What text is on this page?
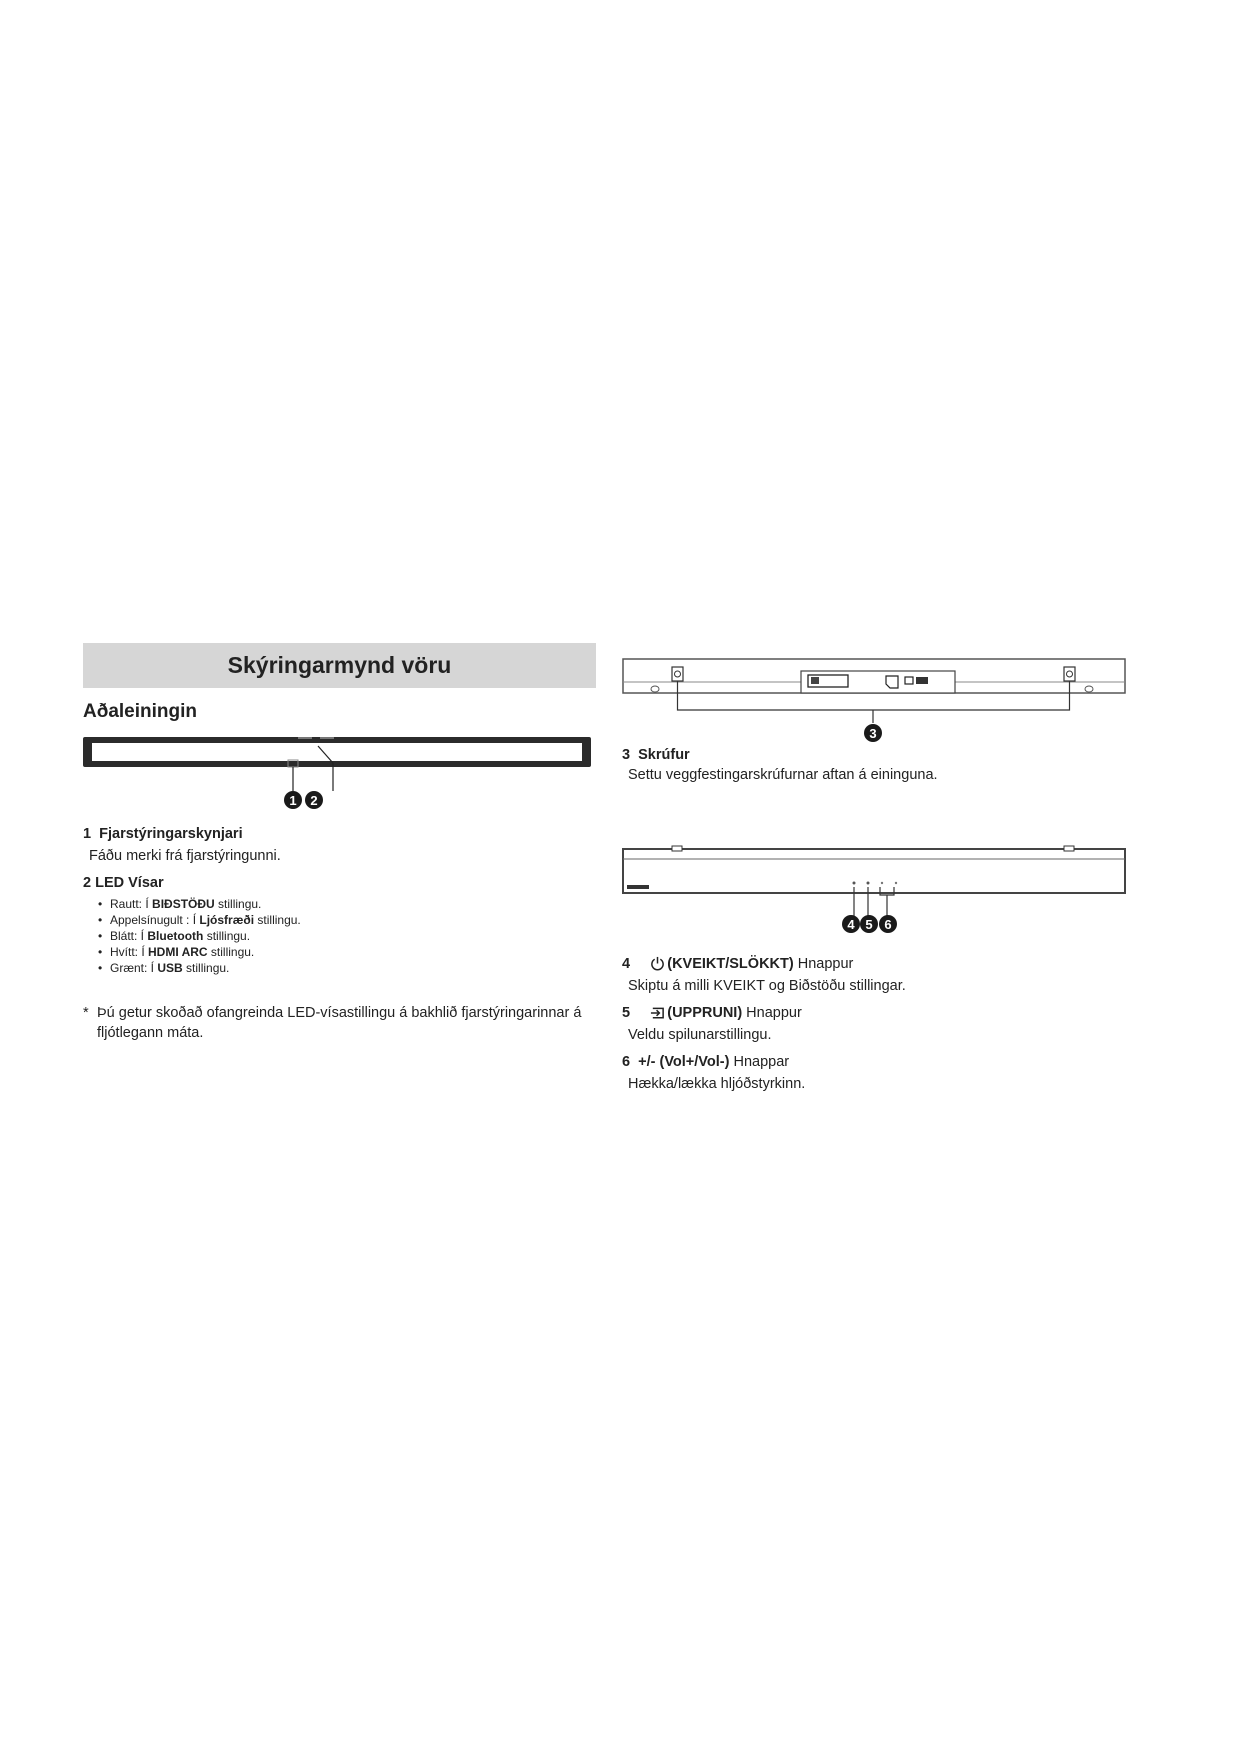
Skýringarmynd vöru
Aðaleiningin
1 2
1 Fjarstýringarskynjari
Fáðu merki frá fjarstýringunni.
2 LED Vísar
• Rautt: Í BIÐSTÖÐU stillingu.
• Appelsínugult : Í Ljósfræði stillingu.
• Blátt: Í Bluetooth stillingu.
• Hvítt: Í HDMI ARC stillingu.
• Grænt: Í USB stillingu.
* Þú getur skoðað ofangreinda LED-vísastillingu á bakhlið fjarstýringarinnar á fljótlegann máta.
3
3 Skrúfur
Settu veggfestingarskrúfurnar aftan á eininguna.
4 5 6
4	(KVEIKT/SLÖKKT) Hnappur
Skiptu á milli KVEIKT og Biðstöðu stillingar.
5	(UPPRUNI) Hnappur
Veldu spilunarstillingu.
6 +/- (Vol+/Vol-) Hnappar
Hækka/lækka hljóðstyrkinn.
